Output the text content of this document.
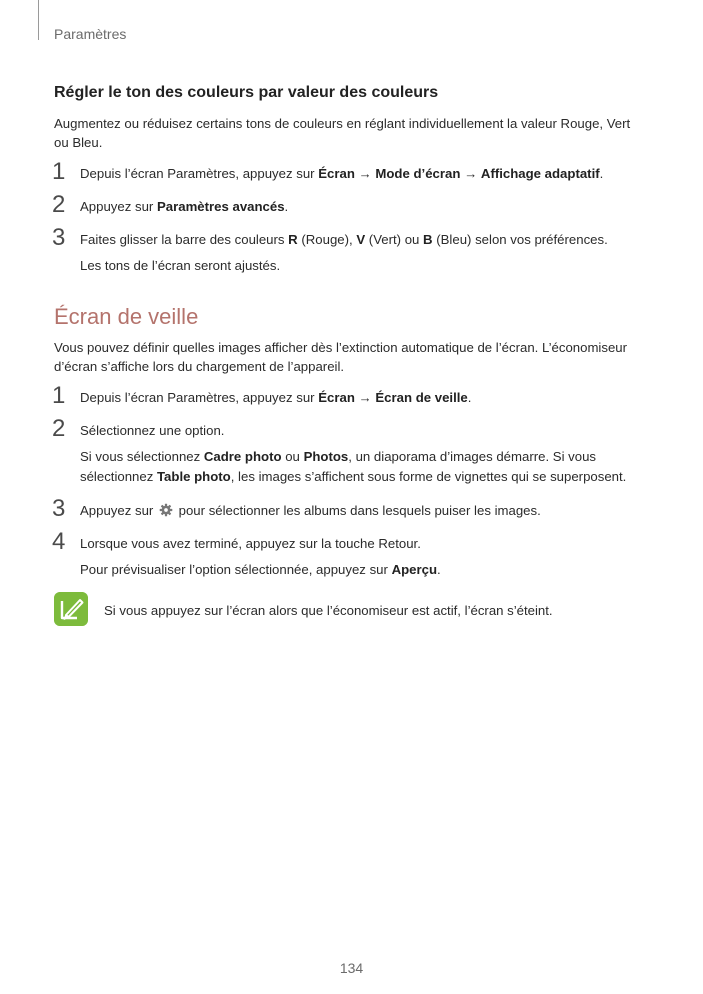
Paramètres
Régler le ton des couleurs par valeur des couleurs

Augmentez ou réduisez certains tons de couleurs en réglant individuellement la valeur Rouge, Vert ou Bleu.

1 Depuis l’écran Paramètres, appuyez sur Écran → Mode d’écran → Affichage adaptatif.
2 Appuyez sur Paramètres avancés.
3 Faites glisser la barre des couleurs R (Rouge), V (Vert) ou B (Bleu) selon vos préférences.
Les tons de l’écran seront ajustés.
Écran de veille

Vous pouvez définir quelles images afficher dès l’extinction automatique de l’écran. L’économiseur d’écran s’affiche lors du chargement de l’appareil.

1 Depuis l’écran Paramètres, appuyez sur Écran → Écran de veille.
2 Sélectionnez une option.
Si vous sélectionnez Cadre photo ou Photos, un diaporama d’images démarre. Si vous sélectionnez Table photo, les images s’affichent sous forme de vignettes qui se superposent.
3 Appuyez sur  pour sélectionner les albums dans lesquels puiser les images.
4 Lorsque vous avez terminé, appuyez sur la touche Retour.
Pour prévisualiser l’option sélectionnée, appuyez sur Aperçu.
Si vous appuyez sur l’écran alors que l’économiseur est actif, l’écran s’éteint.
134
